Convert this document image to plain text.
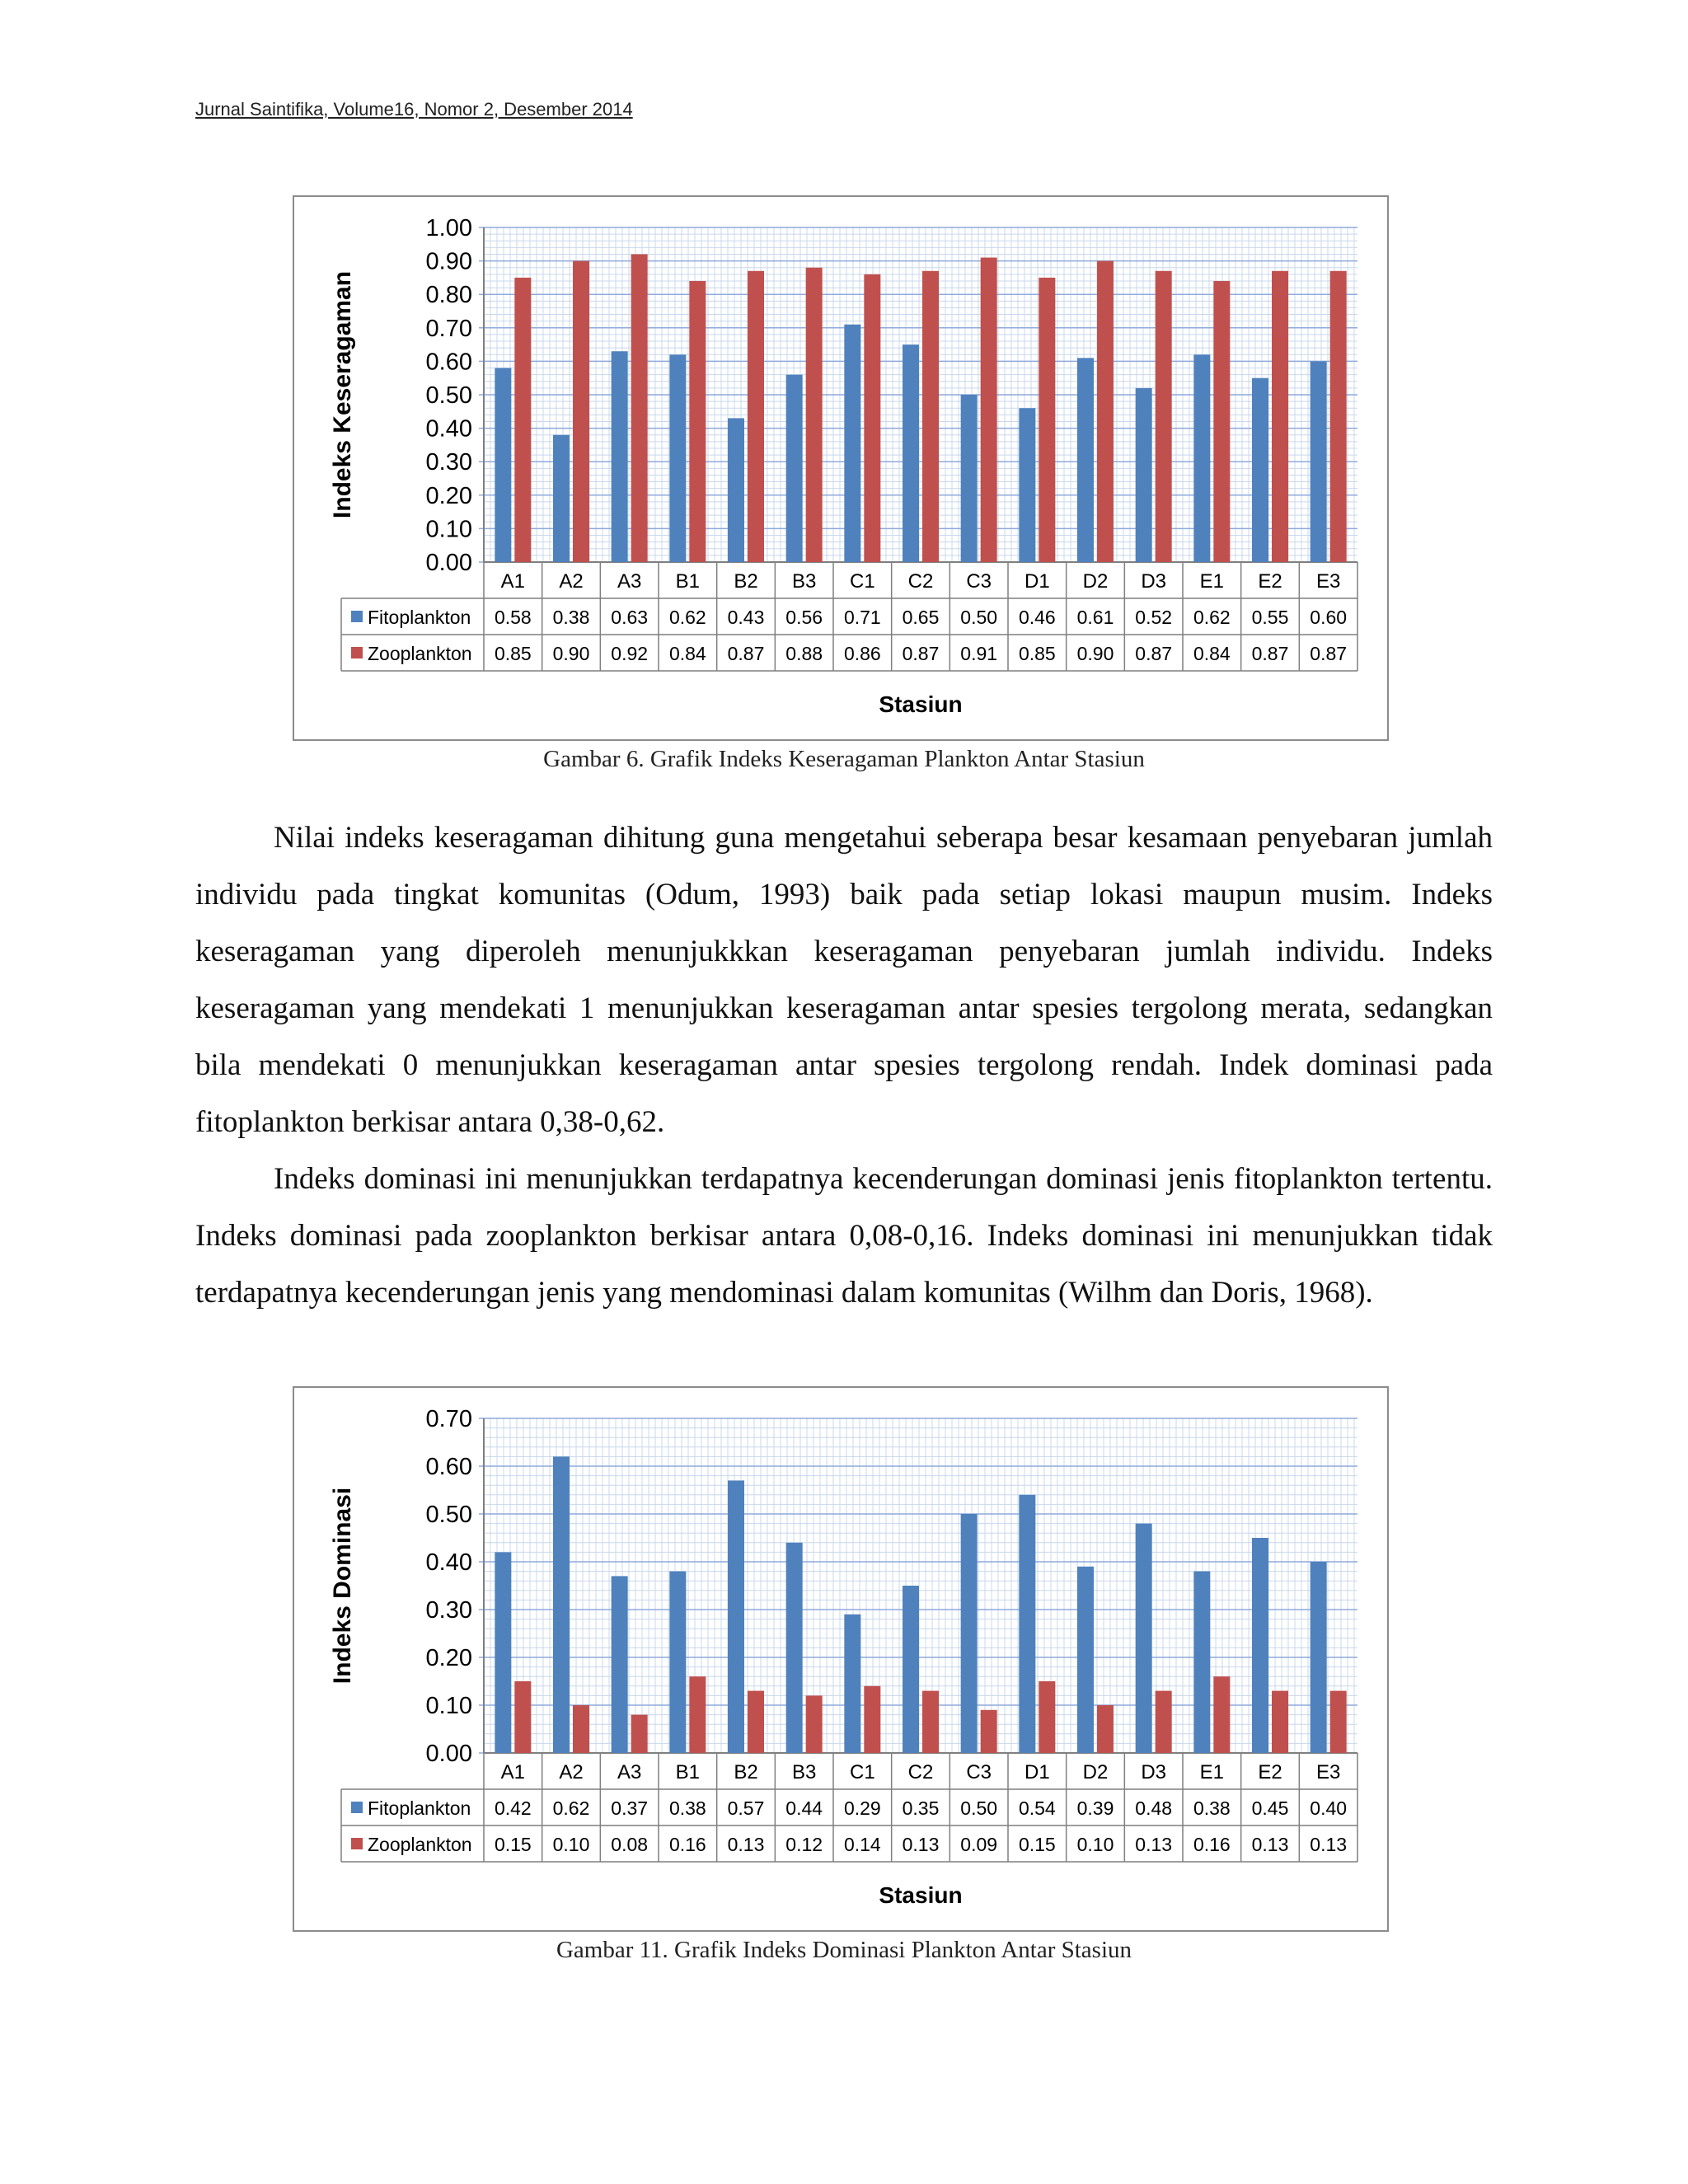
Jurnal Saintifika, Volume16, Nomor 2, Desember 2014
0.00
0.10
0.20
0.30
0.40
0.50
0.60
0.70
0.80
0.90
1.00
A1 A2 A3 B1 B2 B3 C1 C2 C3 D1 D2 D3 E1 E2 E3
Fitoplankton 0.58 0.38 0.63 0.62 0.43 0.56 0.71 0.65 0.50 0.46 0.61 0.52 0.62 0.55 0.60
Zooplankton 0.85 0.90 0.92 0.84 0.87 0.88 0.86 0.87 0.91 0.85 0.90 0.87 0.84 0.87 0.87
Stasiun
Indeks Keseragaman
Gambar 6. Grafik Indeks Keseragaman Plankton Antar Stasiun

Nilai indeks keseragaman dihitung guna mengetahui seberapa besar kesamaan penyebaran jumlah individu pada tingkat komunitas (Odum, 1993) baik pada setiap lokasi maupun musim. Indeks keseragaman yang diperoleh menunjukkkan keseragaman penyebaran jumlah individu. Indeks keseragaman yang mendekati 1 menunjukkan keseragaman antar spesies tergolong merata, sedangkan bila mendekati 0 menunjukkan keseragaman antar spesies tergolong rendah. Indek dominasi pada fitoplankton berkisar antara 0,38-0,62.

Indeks dominasi ini menunjukkan terdapatnya kecenderungan dominasi jenis fitoplankton tertentu. Indeks dominasi pada zooplankton berkisar antara 0,08-0,16. Indeks dominasi ini menunjukkan tidak terdapatnya kecenderungan jenis yang mendominasi dalam komunitas (Wilhm dan Doris, 1968).

0.00
0.10
0.20
0.30
0.40
0.50
0.60
0.70
A1 A2 A3 B1 B2 B3 C1 C2 C3 D1 D2 D3 E1 E2 E3
Fitoplankton 0.42 0.62 0.37 0.38 0.57 0.44 0.29 0.35 0.50 0.54 0.39 0.48 0.38 0.45 0.40
Zooplankton 0.15 0.10 0.08 0.16 0.13 0.12 0.14 0.13 0.09 0.15 0.10 0.13 0.16 0.13 0.13
Stasiun
Indeks Dominasi
Gambar 11. Grafik Indeks Dominasi Plankton Antar Stasiun
